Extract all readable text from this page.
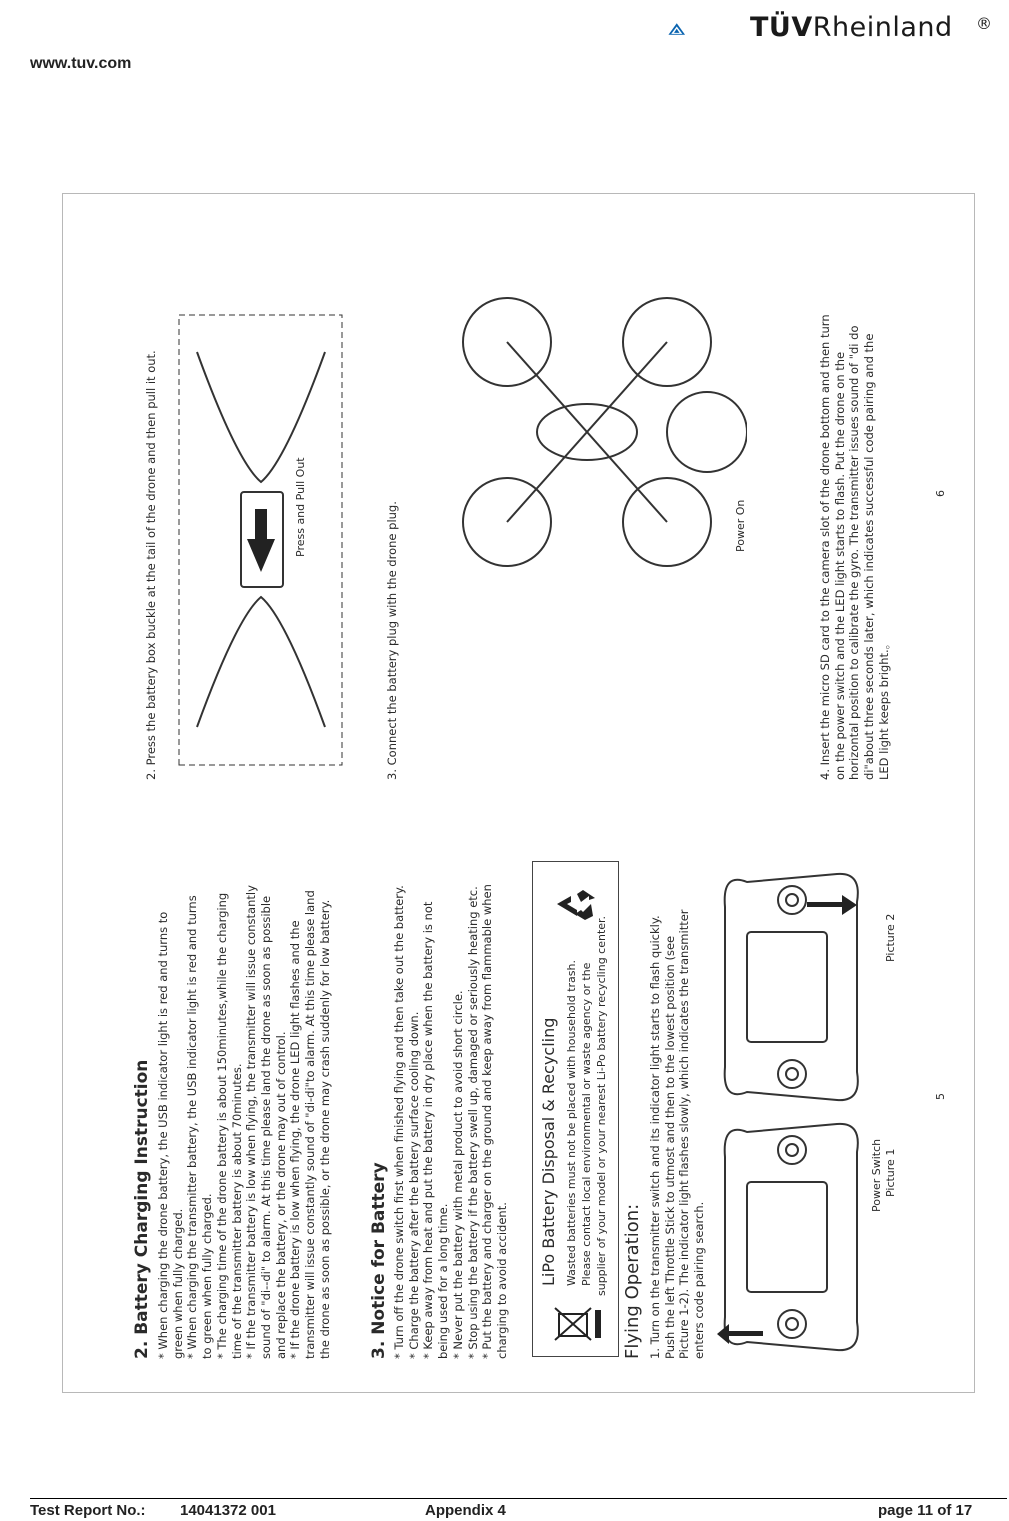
www.tuv.com
TÜVRheinland ®
2. Battery Charging Instruction * When charging the drone battery, the USB indicator light is red and turns to green when fully charged. * When charging the transmitter battery, the USB indicator light is red and turns to green when fully charged. * The charging time of the drone battery is about 150minutes,while the charging time of the transmitter battery is about 70minutes. * If the transmitter battery is low when flying, the transmitter will issue constantly sound of "di--di" to alarm. At this time please land the drone as soon as possible and replace the battery, or the drone may out of control. * If the drone battery is low when flying, the drone LED light flashes and the transmitter will issue constantly sound of "di-di"to alarm. At this time please land the drone as soon as possible, or the drone may crash suddenly for low battery. 3. Notice for Battery * Turn off the drone switch first when finished flying and then take out the battery. * Charge the battery after the battery surface cooling down. * Keep away from heat and put the battery in dry place when the battery is not being used for a long time. * Never put the battery with metal product to avoid short circle. * Stop using the battery if the battery swell up, damaged or seriously heating etc. * Put the battery and charger on the ground and keep away from flammable when charging to avoid accident. LiPo Battery Disposal & Recycling Wasted batteries must not be placed with household trash. Please contact local environmental or waste agency or the supplier of your model or your nearest Li-Po battery recycling center. Flying Operation: 1. Turn on the transmitter switch and its indicator light starts to flash quickly. Push the left Throttle Stick to utmost and then to the lowest position (see Picture 1-2). The indicator light flashes slowly, which indicates the transmitter enters code pairing search.
Power Switch Picture 1
Picture 2
5
2. Press the battery box buckle at the tail of the drone and then pull it out.	Press and Pull Out	3. Connect the battery plug with the drone plug.	Power On	4. Insert the micro SD card to the camera slot of the drone bottom and then turn on the power switch and the LED light starts to flash. Put the drone on the horizontal position to calibrate the gyro. The transmitter issues sound of "di do di"about three seconds later, which indicates successful code pairing and the LED light keeps bright.。
6
Test Report No.: 14041372 001	Appendix 4	page 11 of 17
